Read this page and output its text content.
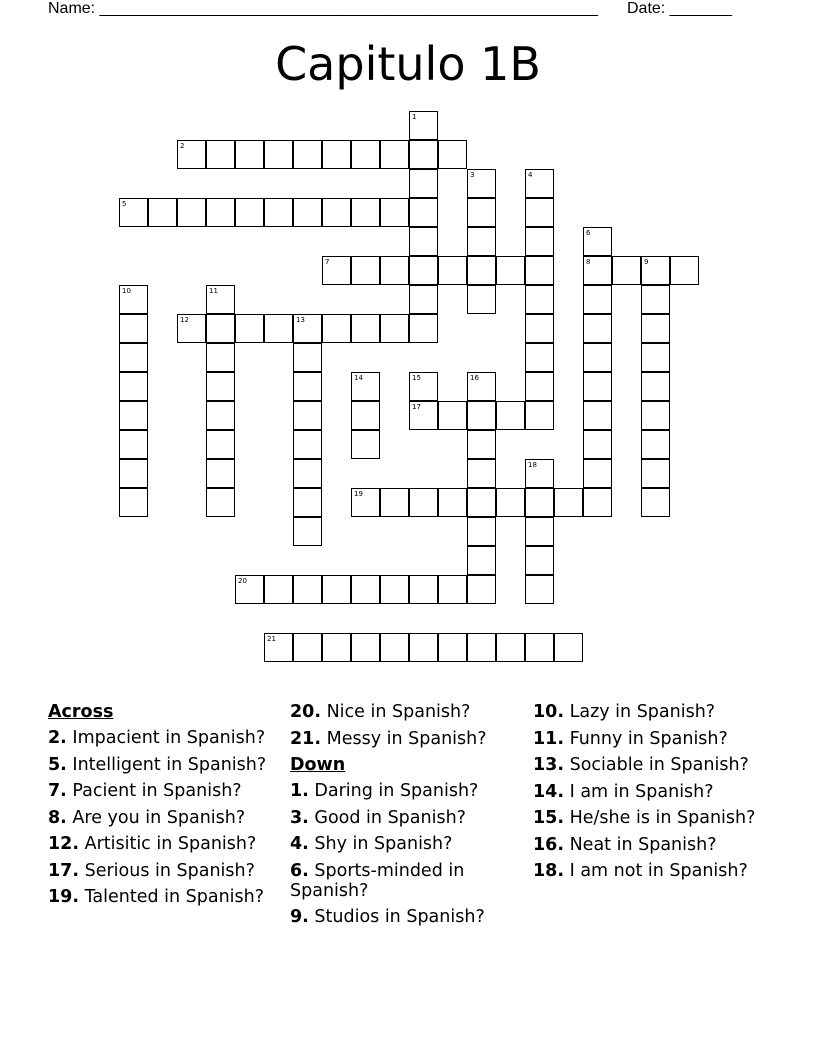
Name: ________________________________________________________ Date: _______
Capitulo 1B
1
2
3	4
5
6
8
7	9
10	11
12	13
14	15
17
16
18
19
20
21
Across
2. Impacient in Spanish?
5. Intelligent in Spanish?
7. Pacient in Spanish?
8. Are you in Spanish?
12. Artisitic in Spanish?
17. Serious in Spanish?
19. Talented in Spanish?
20. Nice in Spanish?
21. Messy in Spanish?
Down
1. Daring in Spanish?
3. Good in Spanish?
4. Shy in Spanish?
6. Sports-minded in Spanish?
9. Studios in Spanish?
10. Lazy in Spanish?
11. Funny in Spanish?
13. Sociable in Spanish?
14. I am in Spanish?
15. He/she is in Spanish?
16. Neat in Spanish?
18. I am not in Spanish?
